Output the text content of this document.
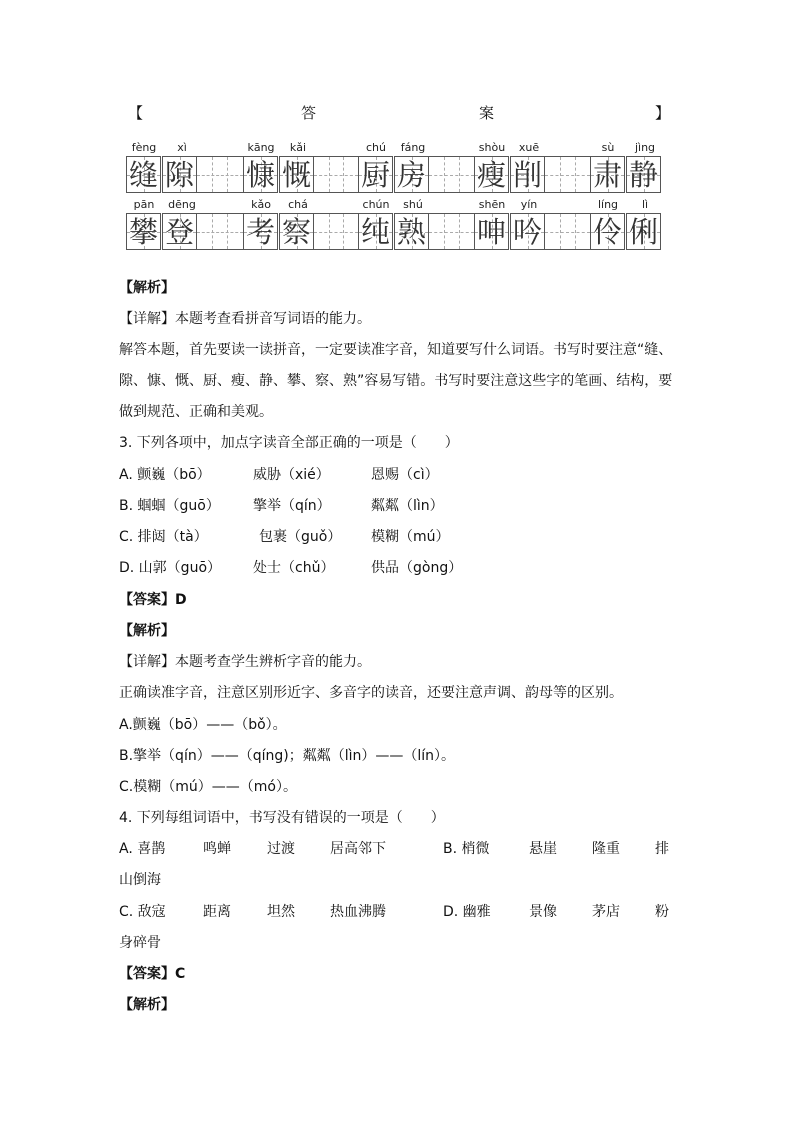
【	答	案	】
fèng xì	kāng kǎi	chú fáng	shòu xuē	sù jìng
缝 隙 慷 慨 厨 房 瘦 削 肃 静
pān dēng	kǎo chá	chún shú	shēn yín	líng lì
攀 登 考 察 纯 熟 呻 吟 伶 俐
【解析】
【详解】本题考查看拼音写词语的能力。
解答本题，首先要读一读拼音，一定要读准字音，知道要写什么词语。书写时要注意“缝、
隙、慷、慨、厨、瘦、静、攀、察、熟”容易写错。书写时要注意这些字的笔画、结构，要
做到规范、正确和美观。
3. 下列各项中，加点字读音全部正确的一项是（　　）
A. 颤巍（bō）	威胁（xié）	恩赐（cì）
B. 蝈蝈（guō） 擎举（qín）	粼粼（lìn）
C. 排闼（tà）	包裹（guǒ） 模糊（mú）
D. 山郭（guō） 处士（chǔ）	供品（gòng）
【答案】D
【解析】
【详解】本题考查学生辨析字音的能力。
正确读准字音，注意区别形近字、多音字的读音，还要注意声调、韵母等的区别。
A.颤巍（bō）——（bǒ）。
B.擎举（qín）——（qíng)；粼粼（lìn）——（lín）。
C.模糊（mú）——（mó）。
4. 下列每组词语中，书写没有错误的一项是（　　）
A. 喜鹊	鸣蝉	过渡	居高邻下	B. 梢微	悬崖	隆重	排
山倒海
C. 敌寇	距离	坦然	热血沸腾	D. 幽雅	景像	茅店	粉
身碎骨
【答案】C
【解析】
